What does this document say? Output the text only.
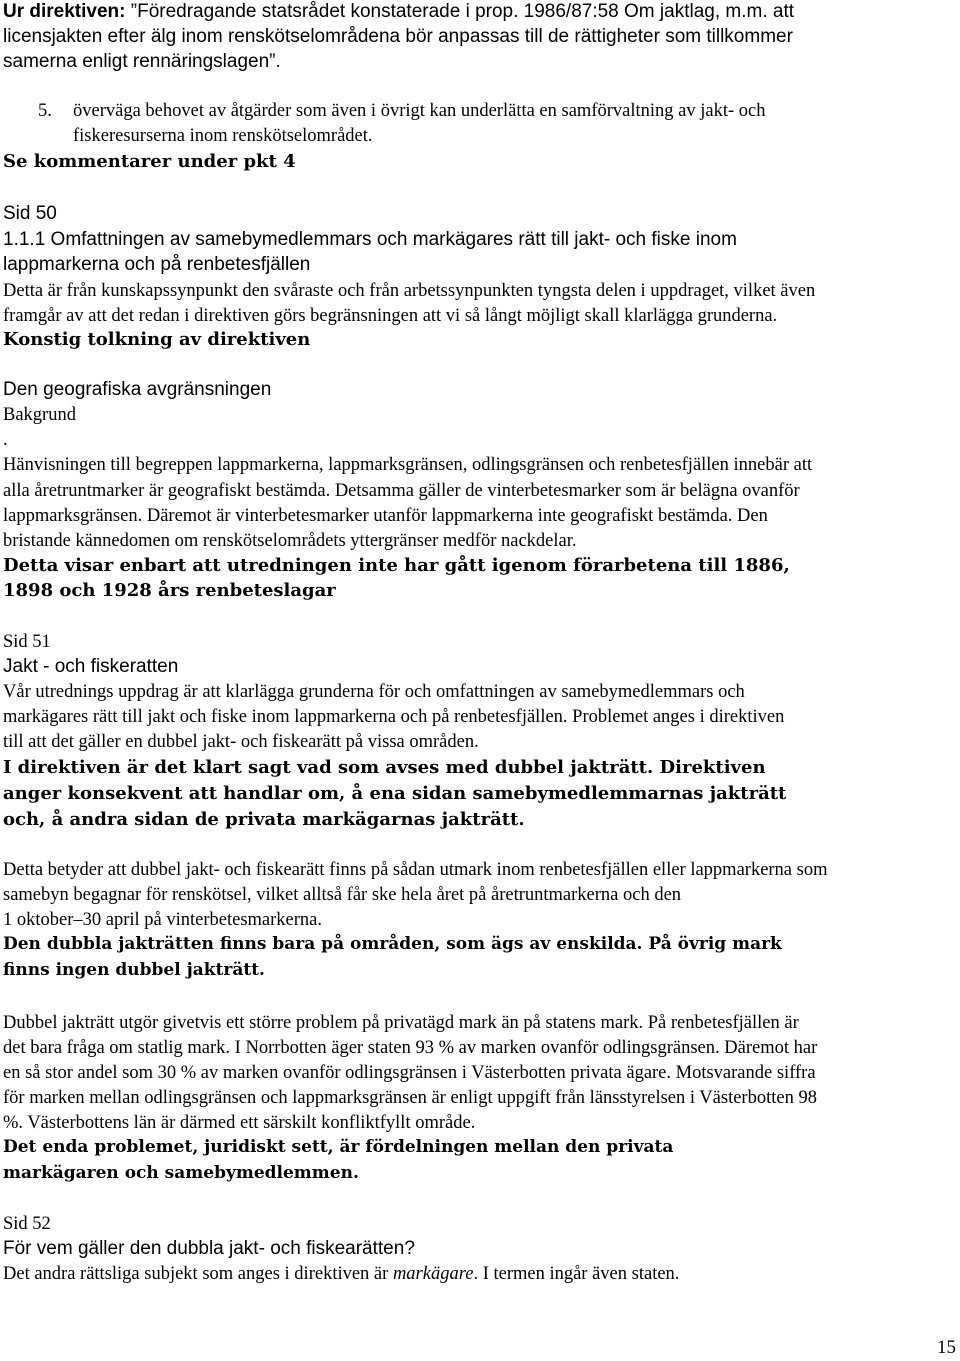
Ur direktiven: ”Föredragande statsrådet konstaterade i prop. 1986/87:58 Om jaktlag, m.m. att
licensjakten efter älg inom renskötselområdena bör anpassas till de rättigheter som tillkommer
samerna enligt rennäringslagen”.
5. överväga behovet av åtgärder som även i övrigt kan underlätta en samförvaltning av jakt- och
fiskeresurserna inom renskötselområdet.
Se kommentarer under pkt 4
Sid 50
1.1.1 Omfattningen av samebymedlemmars och markägares rätt till jakt- och fiske inom
lappmarkerna och på renbetesfjällen
Detta är från kunskapssynpunkt den svåraste och från arbetssynpunkten tyngsta delen i uppdraget, vilket även
framgår av att det redan i direktiven görs begränsningen att vi så långt möjligt skall klarlägga grunderna.
Konstig tolkning av direktiven
Den geografiska avgränsningen
Bakgrund
.
Hänvisningen till begreppen lappmarkerna, lappmarksgränsen, odlingsgränsen och renbetesfjällen innebär att
alla åretruntmarker är geografiskt bestämda. Detsamma gäller de vinterbetesmarker som är belägna ovanför
lappmarksgränsen. Däremot är vinterbetesmarker utanför lappmarkerna inte geografiskt bestämda. Den
bristande kännedomen om renskötselområdets yttergränser medför nackdelar.
Detta visar enbart att utredningen inte har gått igenom förarbetena till 1886,
1898 och 1928 års renbeteslagar
Sid 51
Jakt - och fiskeratten
Vår utrednings uppdrag är att klarlägga grunderna för och omfattningen av samebymedlemmars och
markägares rätt till jakt och fiske inom lappmarkerna och på renbetesfjällen. Problemet anges i direktiven
till att det gäller en dubbel jakt- och fiskearätt på vissa områden.
I direktiven är det klart sagt vad som avses med dubbel jakträtt. Direktiven
anger konsekvent att handlar om, å ena sidan samebymedlemmarnas jakträtt
och, å andra sidan de privata markägarnas jakträtt.
Detta betyder att dubbel jakt- och fiskearätt finns på sådan utmark inom renbetesfjällen eller lappmarkerna som
samebyn begagnar för renskötsel, vilket alltså får ske hela året på åretruntmarkerna och den
1 oktober–30 april på vinterbetesmarkerna.
Den dubbla jakträtten finns bara på områden, som ägs av enskilda. På övrig mark
finns ingen dubbel jakträtt.
Dubbel jakträtt utgör givetvis ett större problem på privatägd mark än på statens mark. På renbetesfjällen är
det bara fråga om statlig mark. I Norrbotten äger staten 93 % av marken ovanför odlingsgränsen. Däremot har
en så stor andel som 30 % av marken ovanför odlingsgränsen i Västerbotten privata ägare. Motsvarande siffra
för marken mellan odlingsgränsen och lappmarksgränsen är enligt uppgift från länsstyrelsen i Västerbotten 98
%. Västerbottens län är därmed ett särskilt konfliktfyllt område.
Det enda problemet, juridiskt sett, är fördelningen mellan den privata
markägaren och samebymedlemmen.
Sid 52
För vem gäller den dubbla jakt- och fiskearätten?
Det andra rättsliga subjekt som anges i direktiven är markägare. I termen ingår även staten.
15
